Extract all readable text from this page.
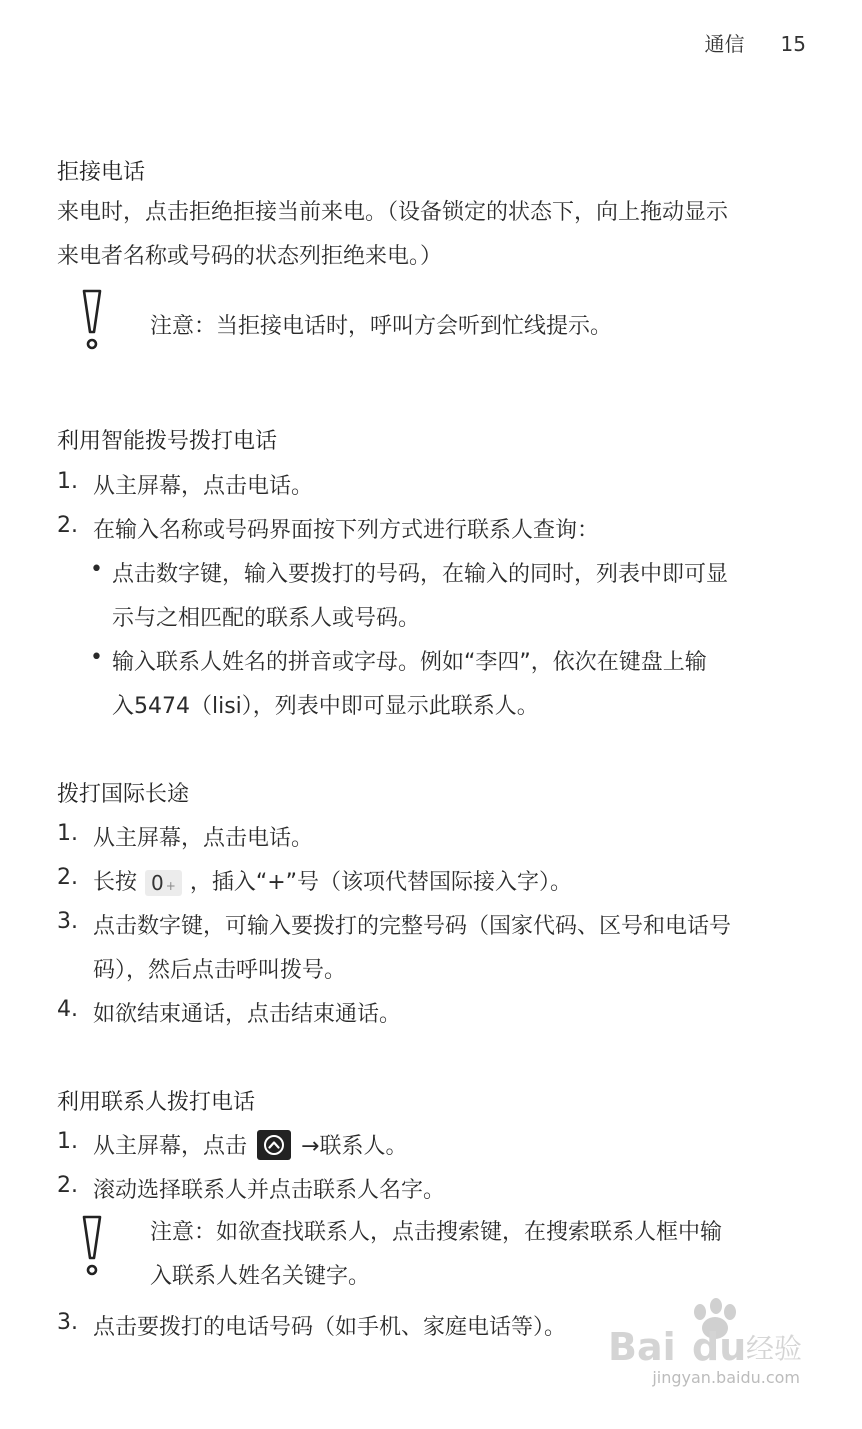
通信 15
拒接电话
来电时，点击拒绝拒接当前来电。（设备锁定的状态下，向上拖动显示
来电者名称或号码的状态列拒绝来电。）
注意：当拒接电话时，呼叫方会听到忙线提示。
利用智能拨号拨打电话
1. 从主屏幕，点击电话。
2. 在输入名称或号码界面按下列方式进行联系人查询：
• 点击数字键，输入要拨打的号码，在输入的同时，列表中即可显
示与之相匹配的联系人或号码。
• 输入联系人姓名的拼音或字母。例如“李四”，依次在键盘上输
入5474（lisi），列表中即可显示此联系人。
拨打国际长途
1. 从主屏幕，点击电话。
2. 长按 0 + ，插入“+”号（该项代替国际接入字）。
3. 点击数字键，可输入要拨打的完整号码（国家代码、区号和电话号
码），然后点击呼叫拨号。
4. 如欲结束通话，点击结束通话。
利用联系人拨打电话
1. 从主屏幕，点击 →联系人。
2. 滚动选择联系人并点击联系人名字。
注意：如欲查找联系人，点击搜索键，在搜索联系人框中输
入联系人姓名关键字。
3. 点击要拨打的电话号码（如手机、家庭电话等）。 Bai du 经验
jingyan.baidu.com
